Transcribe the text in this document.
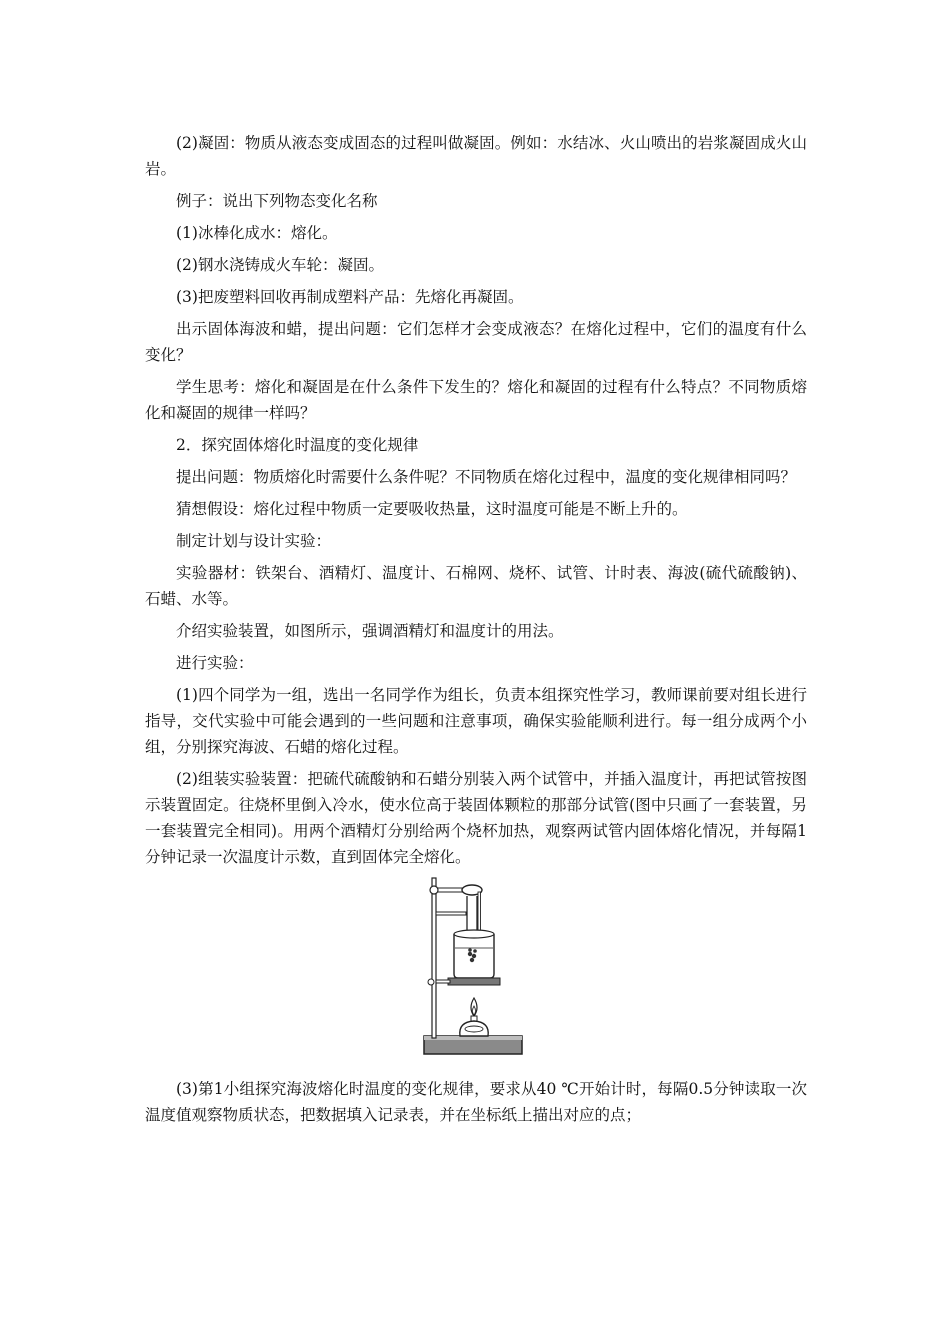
(2)凝固：物质从液态变成固态的过程叫做凝固。例如：水结冰、火山喷出的岩浆凝固成火山岩。

例子：说出下列物态变化名称

(1)冰棒化成水：熔化。

(2)钢水浇铸成火车轮：凝固。

(3)把废塑料回收再制成塑料产品：先熔化再凝固。

出示固体海波和蜡，提出问题：它们怎样才会变成液态？在熔化过程中，它们的温度有什么变化？

学生思考：熔化和凝固是在什么条件下发生的？熔化和凝固的过程有什么特点？不同物质熔化和凝固的规律一样吗？

2．探究固体熔化时温度的变化规律

提出问题：物质熔化时需要什么条件呢？不同物质在熔化过程中，温度的变化规律相同吗？

猜想假设：熔化过程中物质一定要吸收热量，这时温度可能是不断上升的。

制定计划与设计实验：

实验器材：铁架台、酒精灯、温度计、石棉网、烧杯、试管、计时表、海波(硫代硫酸钠)、石蜡、水等。

介绍实验装置，如图所示，强调酒精灯和温度计的用法。

进行实验：

(1)四个同学为一组，选出一名同学作为组长，负责本组探究性学习，教师课前要对组长进行指导，交代实验中可能会遇到的一些问题和注意事项，确保实验能顺利进行。每一组分成两个小组，分别探究海波、石蜡的熔化过程。

(2)组装实验装置：把硫代硫酸钠和石蜡分别装入两个试管中，并插入温度计，再把试管按图示装置固定。往烧杯里倒入冷水，使水位高于装固体颗粒的那部分试管(图中只画了一套装置，另一套装置完全相同)。用两个酒精灯分别给两个烧杯加热，观察两试管内固体熔化情况，并每隔1分钟记录一次温度计示数，直到固体完全熔化。

(3)第1小组探究海波熔化时温度的变化规律，要求从40 ℃开始计时，每隔0.5分钟读取一次温度值观察物质状态，把数据填入记录表，并在坐标纸上描出对应的点；
